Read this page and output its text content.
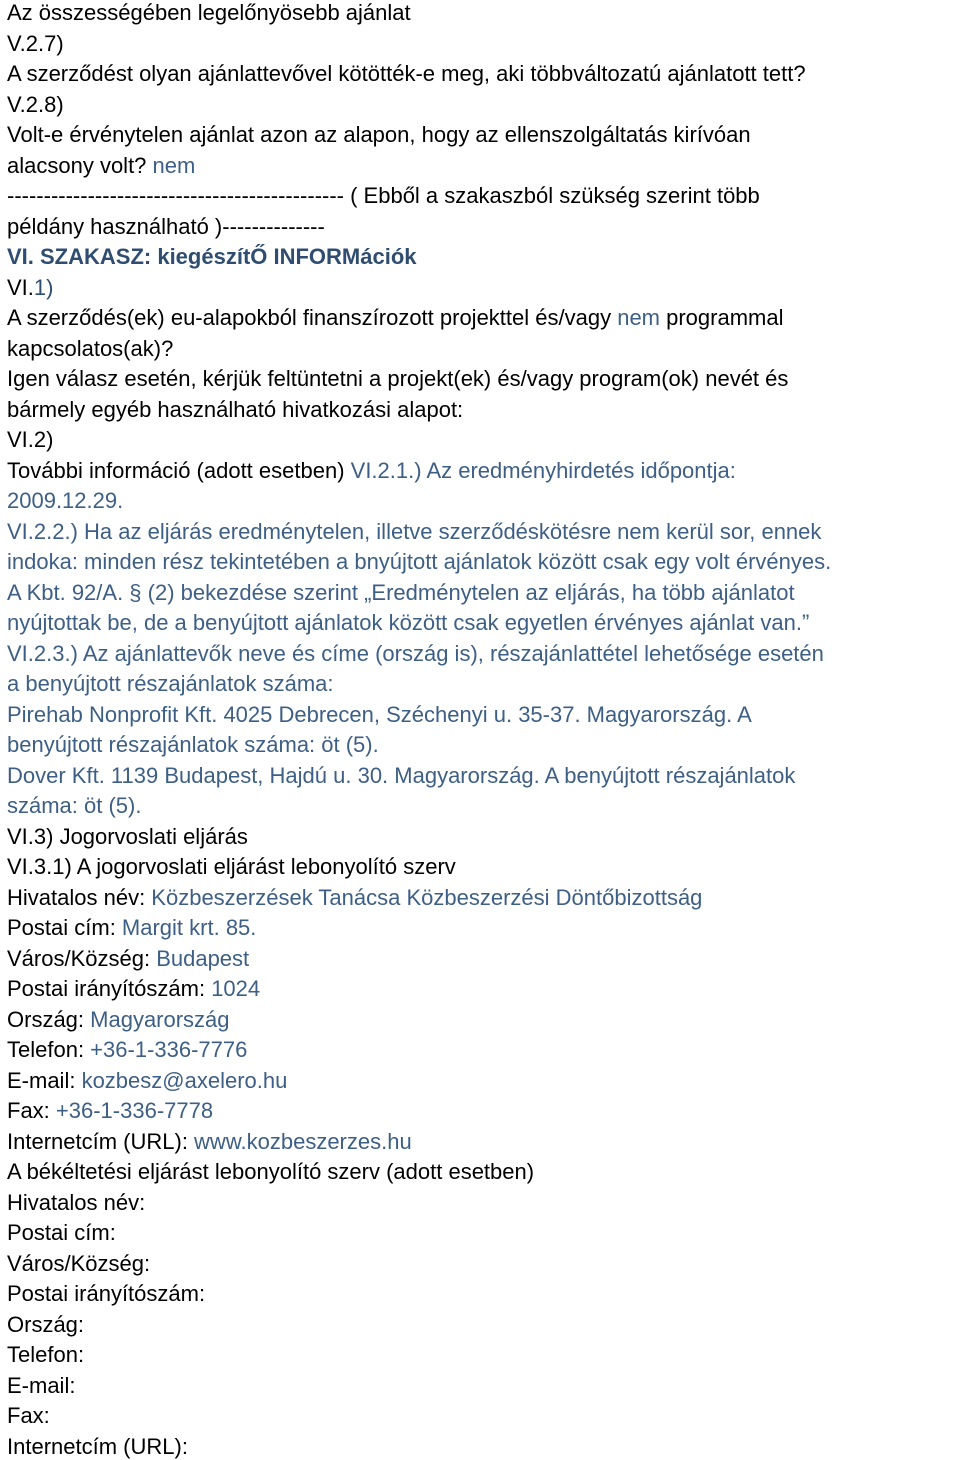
Az összességében legelőnyösebb ajánlat
V.2.7)
A szerződést olyan ajánlattevővel kötötték-e meg, aki többváltozatú ajánlatott tett?
V.2.8)
Volt-e érvénytelen ajánlat azon az alapon, hogy az ellenszolgáltatás kirívóan
alacsony volt? nem
---------------------------------------------- ( Ebből a szakaszból szükség szerint több
példány használható )--------------
VI. SZAKASZ: kiegészítŐ INFORMációk
VI.1)
A szerződés(ek) eu-alapokból finanszírozott projekttel és/vagy nem programmal
kapcsolatos(ak)?
Igen válasz esetén, kérjük feltüntetni a projekt(ek) és/vagy program(ok) nevét és
bármely egyéb használható hivatkozási alapot:
VI.2)
További információ (adott esetben) VI.2.1.) Az eredményhirdetés időpontja:
2009.12.29.
VI.2.2.) Ha az eljárás eredménytelen, illetve szerződéskötésre nem kerül sor, ennek
indoka: minden rész tekintetében a bnyújtott ajánlatok között csak egy volt érvényes.
A Kbt. 92/A. § (2) bekezdése szerint „Eredménytelen az eljárás, ha több ajánlatot
nyújtottak be, de a benyújtott ajánlatok között csak egyetlen érvényes ajánlat van.”
VI.2.3.) Az ajánlattevők neve és címe (ország is), részajánlattétel lehetősége esetén
a benyújtott részajánlatok száma:
Pirehab Nonprofit Kft. 4025 Debrecen, Széchenyi u. 35-37. Magyarország. A
benyújtott részajánlatok száma: öt (5).
Dover Kft. 1139 Budapest, Hajdú u. 30. Magyarország. A benyújtott részajánlatok
száma: öt (5).
VI.3) Jogorvoslati eljárás
VI.3.1) A jogorvoslati eljárást lebonyolító szerv
Hivatalos név: Közbeszerzések Tanácsa Közbeszerzési Döntőbizottság
Postai cím: Margit krt. 85.
Város/Község: Budapest
Postai irányítószám: 1024
Ország: Magyarország
Telefon: +36-1-336-7776
E-mail: kozbesz@axelero.hu
Fax: +36-1-336-7778
Internetcím (URL): www.kozbeszerzes.hu
A békéltetési eljárást lebonyolító szerv (adott esetben)
Hivatalos név:
Postai cím:
Város/Község:
Postai irányítószám:
Ország:
Telefon:
E-mail:
Fax:
Internetcím (URL):
